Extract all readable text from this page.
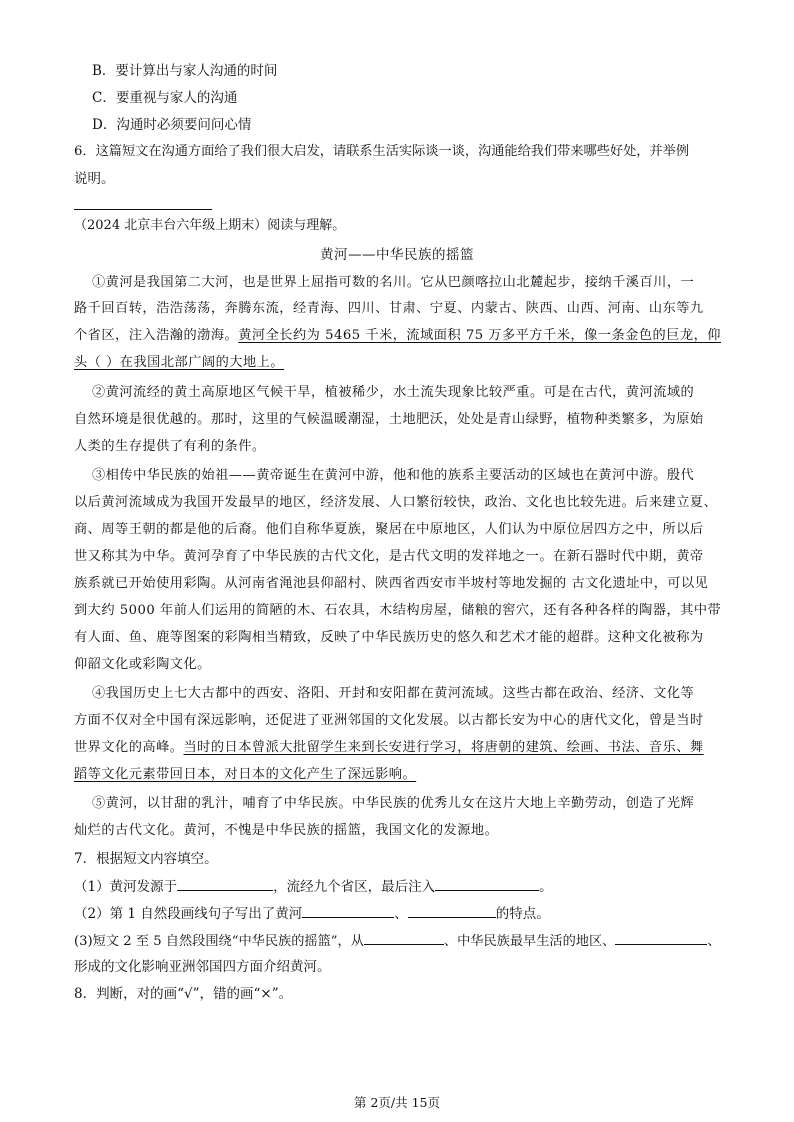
B．要计算出与家人沟通的时间
C．要重视与家人的沟通
D．沟通时必须要问问心情
6．这篇短文在沟通方面给了我们很大启发，请联系生活实际谈一谈，沟通能给我们带来哪些好处，并举例
说明。
（2024 北京丰台六年级上期末）阅读与理解。
黄河——中华民族的摇篮
①黄河是我国第二大河，也是世界上屈指可数的名川。它从巴颜喀拉山北麓起步，接纳千溪百川，一
路千回百转，浩浩荡荡，奔腾东流，经青海、四川、甘肃、宁夏、内蒙古、陕西、山西、河南、山东等九
个省区，注入浩瀚的渤海。黄河全长约为 5465 千米，流域面积 75 万多平方千米，像一条金色的巨龙，仰
头（ ）在我国北部广阔的大地上。
②黄河流经的黄土高原地区气候干旱，植被稀少，水土流失现象比较严重。可是在古代，黄河流域的
自然环境是很优越的。那时，这里的气候温暖潮湿，土地肥沃，处处是青山绿野，植物种类繁多，为原始
人类的生存提供了有利的条件。
③相传中华民族的始祖——黄帝诞生在黄河中游，他和他的族系主要活动的区域也在黄河中游。殷代
以后黄河流域成为我国开发最早的地区，经济发展、人口繁衍较快，政治、文化也比较先进。后来建立夏、
商、周等王朝的都是他的后裔。他们自称华夏族，聚居在中原地区，人们认为中原位居四方之中，所以后
世又称其为中华。黄河孕育了中华民族的古代文化，是古代文明的发祥地之一。在新石器时代中期，黄帝
族系就已开始使用彩陶。从河南省渑池县仰韶村、陕西省西安市半坡村等地发掘的 古文化遗址中，可以见
到大约 5000 年前人们运用的简陋的木、石农具，木结构房屋，储粮的窖穴，还有各种各样的陶器，其中带
有人面、鱼、鹿等图案的彩陶相当精致，反映了中华民族历史的悠久和艺术才能的超群。这种文化被称为
仰韶文化或彩陶文化。
④我国历史上七大古都中的西安、洛阳、开封和安阳都在黄河流域。这些古都在政治、经济、文化等
方面不仅对全中国有深远影响，还促进了亚洲邻国的文化发展。以古都长安为中心的唐代文化，曾是当时
世界文化的高峰。当时的日本曾派大批留学生来到长安进行学习，将唐朝的建筑、绘画、书法、音乐、舞
蹈等文化元素带回日本，对日本的文化产生了深远影响。
⑤黄河，以甘甜的乳汁，哺育了中华民族。中华民族的优秀儿女在这片大地上辛勤劳动，创造了光辉
灿烂的古代文化。黄河，不愧是中华民族的摇篮，我国文化的发源地。
7．根据短文内容填空。
（1）黄河发源于	，流经九个省区，最后注入	。
（2）第 1 自然段画线句子写出了黄河	、	的特点。
(3)短文 2 至 5 自然段围绕“中华民族的摇篮”，从	、中华民族最早生活的地区、	、
形成的文化影响亚洲邻国四方面介绍黄河。
8．判断，对的画“√”，错的画“×”。
第 2页/共 15页
